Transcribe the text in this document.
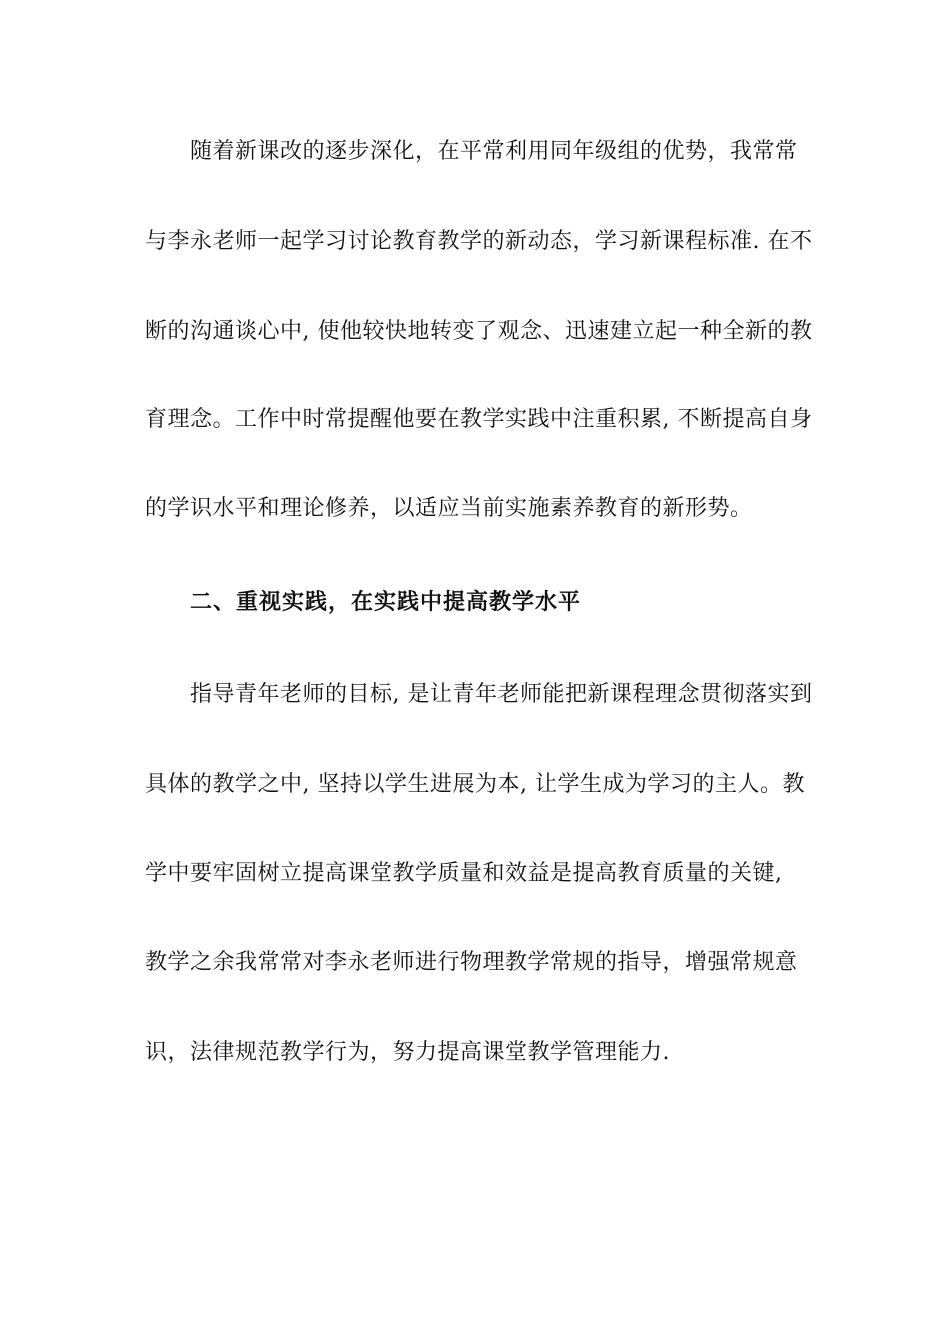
随着新课改的逐步深化，在平常利用同年级组的优势，我常常
与李永老师一起学习讨论教育教学的新动态，学习新课程标准. 在不
断的沟通谈心中, 使他较快地转变了观念、迅速建立起一种全新的教
育理念。工作中时常提醒他要在教学实践中注重积累, 不断提高自身
的学识水平和理论修养，以适应当前实施素养教育的新形势。
二、重视实践，在实践中提高教学水平
指导青年老师的目标, 是让青年老师能把新课程理念贯彻落实到
具体的教学之中, 坚持以学生进展为本, 让学生成为学习的主人。教
学中要牢固树立提高课堂教学质量和效益是提高教育质量的关键,
教学之余我常常对李永老师进行物理教学常规的指导，增强常规意
识，法律规范教学行为，努力提高课堂教学管理能力.
